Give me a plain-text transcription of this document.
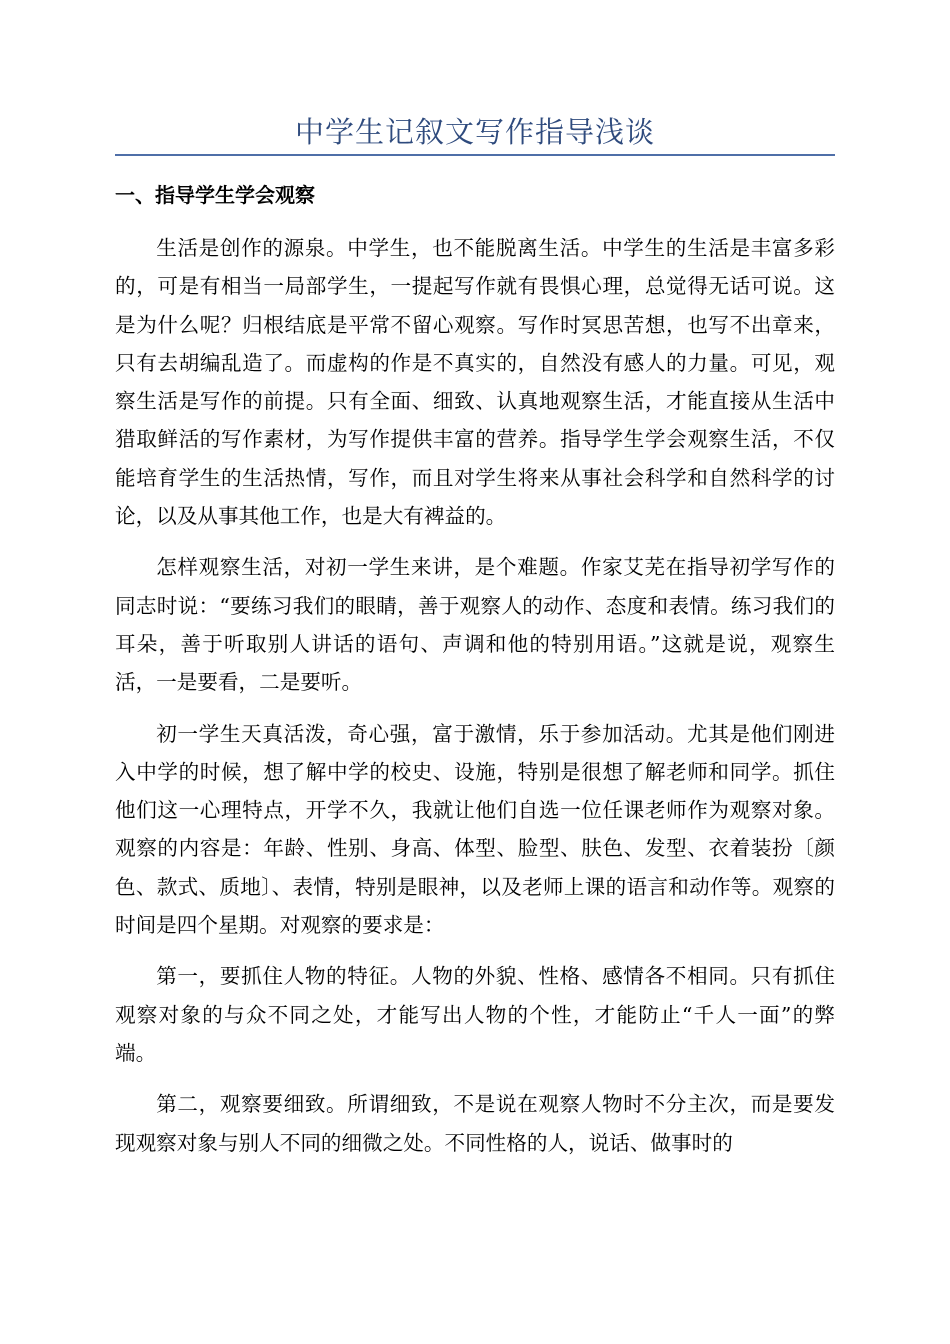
中学生记叙文写作指导浅谈
一、指导学生学会观察

生活是创作的源泉。中学生，也不能脱离生活。中学生的生活是丰富多彩的，可是有相当一局部学生，一提起写作就有畏惧心理，总觉得无话可说。这是为什么呢？归根结底是平常不留心观察。写作时冥思苦想，也写不出章来，只有去胡编乱造了。而虚构的作是不真实的，自然没有感人的力量。可见，观察生活是写作的前提。只有全面、细致、认真地观察生活，才能直接从生活中猎取鲜活的写作素材，为写作提供丰富的营养。指导学生学会观察生活，不仅能培育学生的生活热情，写作，而且对学生将来从事社会科学和自然科学的讨论，以及从事其他工作，也是大有裨益的。

怎样观察生活，对初一学生来讲，是个难题。作家艾芜在指导初学写作的同志时说：“要练习我们的眼睛，善于观察人的动作、态度和表情。练习我们的耳朵，善于听取别人讲话的语句、声调和他的特别用语。”这就是说，观察生活，一是要看，二是要听。

初一学生天真活泼，奇心强，富于激情，乐于参加活动。尤其是他们刚进入中学的时候，想了解中学的校史、设施，特别是很想了解老师和同学。抓住他们这一心理特点，开学不久，我就让他们自选一位任课老师作为观察对象。观察的内容是：年龄、性别、身高、体型、脸型、肤色、发型、衣着装扮〔颜色、款式、质地〕、表情，特别是眼神，以及老师上课的语言和动作等。观察的时间是四个星期。对观察的要求是：

第一，要抓住人物的特征。人物的外貌、性格、感情各不相同。只有抓住观察对象的与众不同之处，才能写出人物的个性，才能防止“千人一面”的弊端。

第二，观察要细致。所谓细致，不是说在观察人物时不分主次，而是要发现观察对象与别人不同的细微之处。不同性格的人，说话、做事时的
